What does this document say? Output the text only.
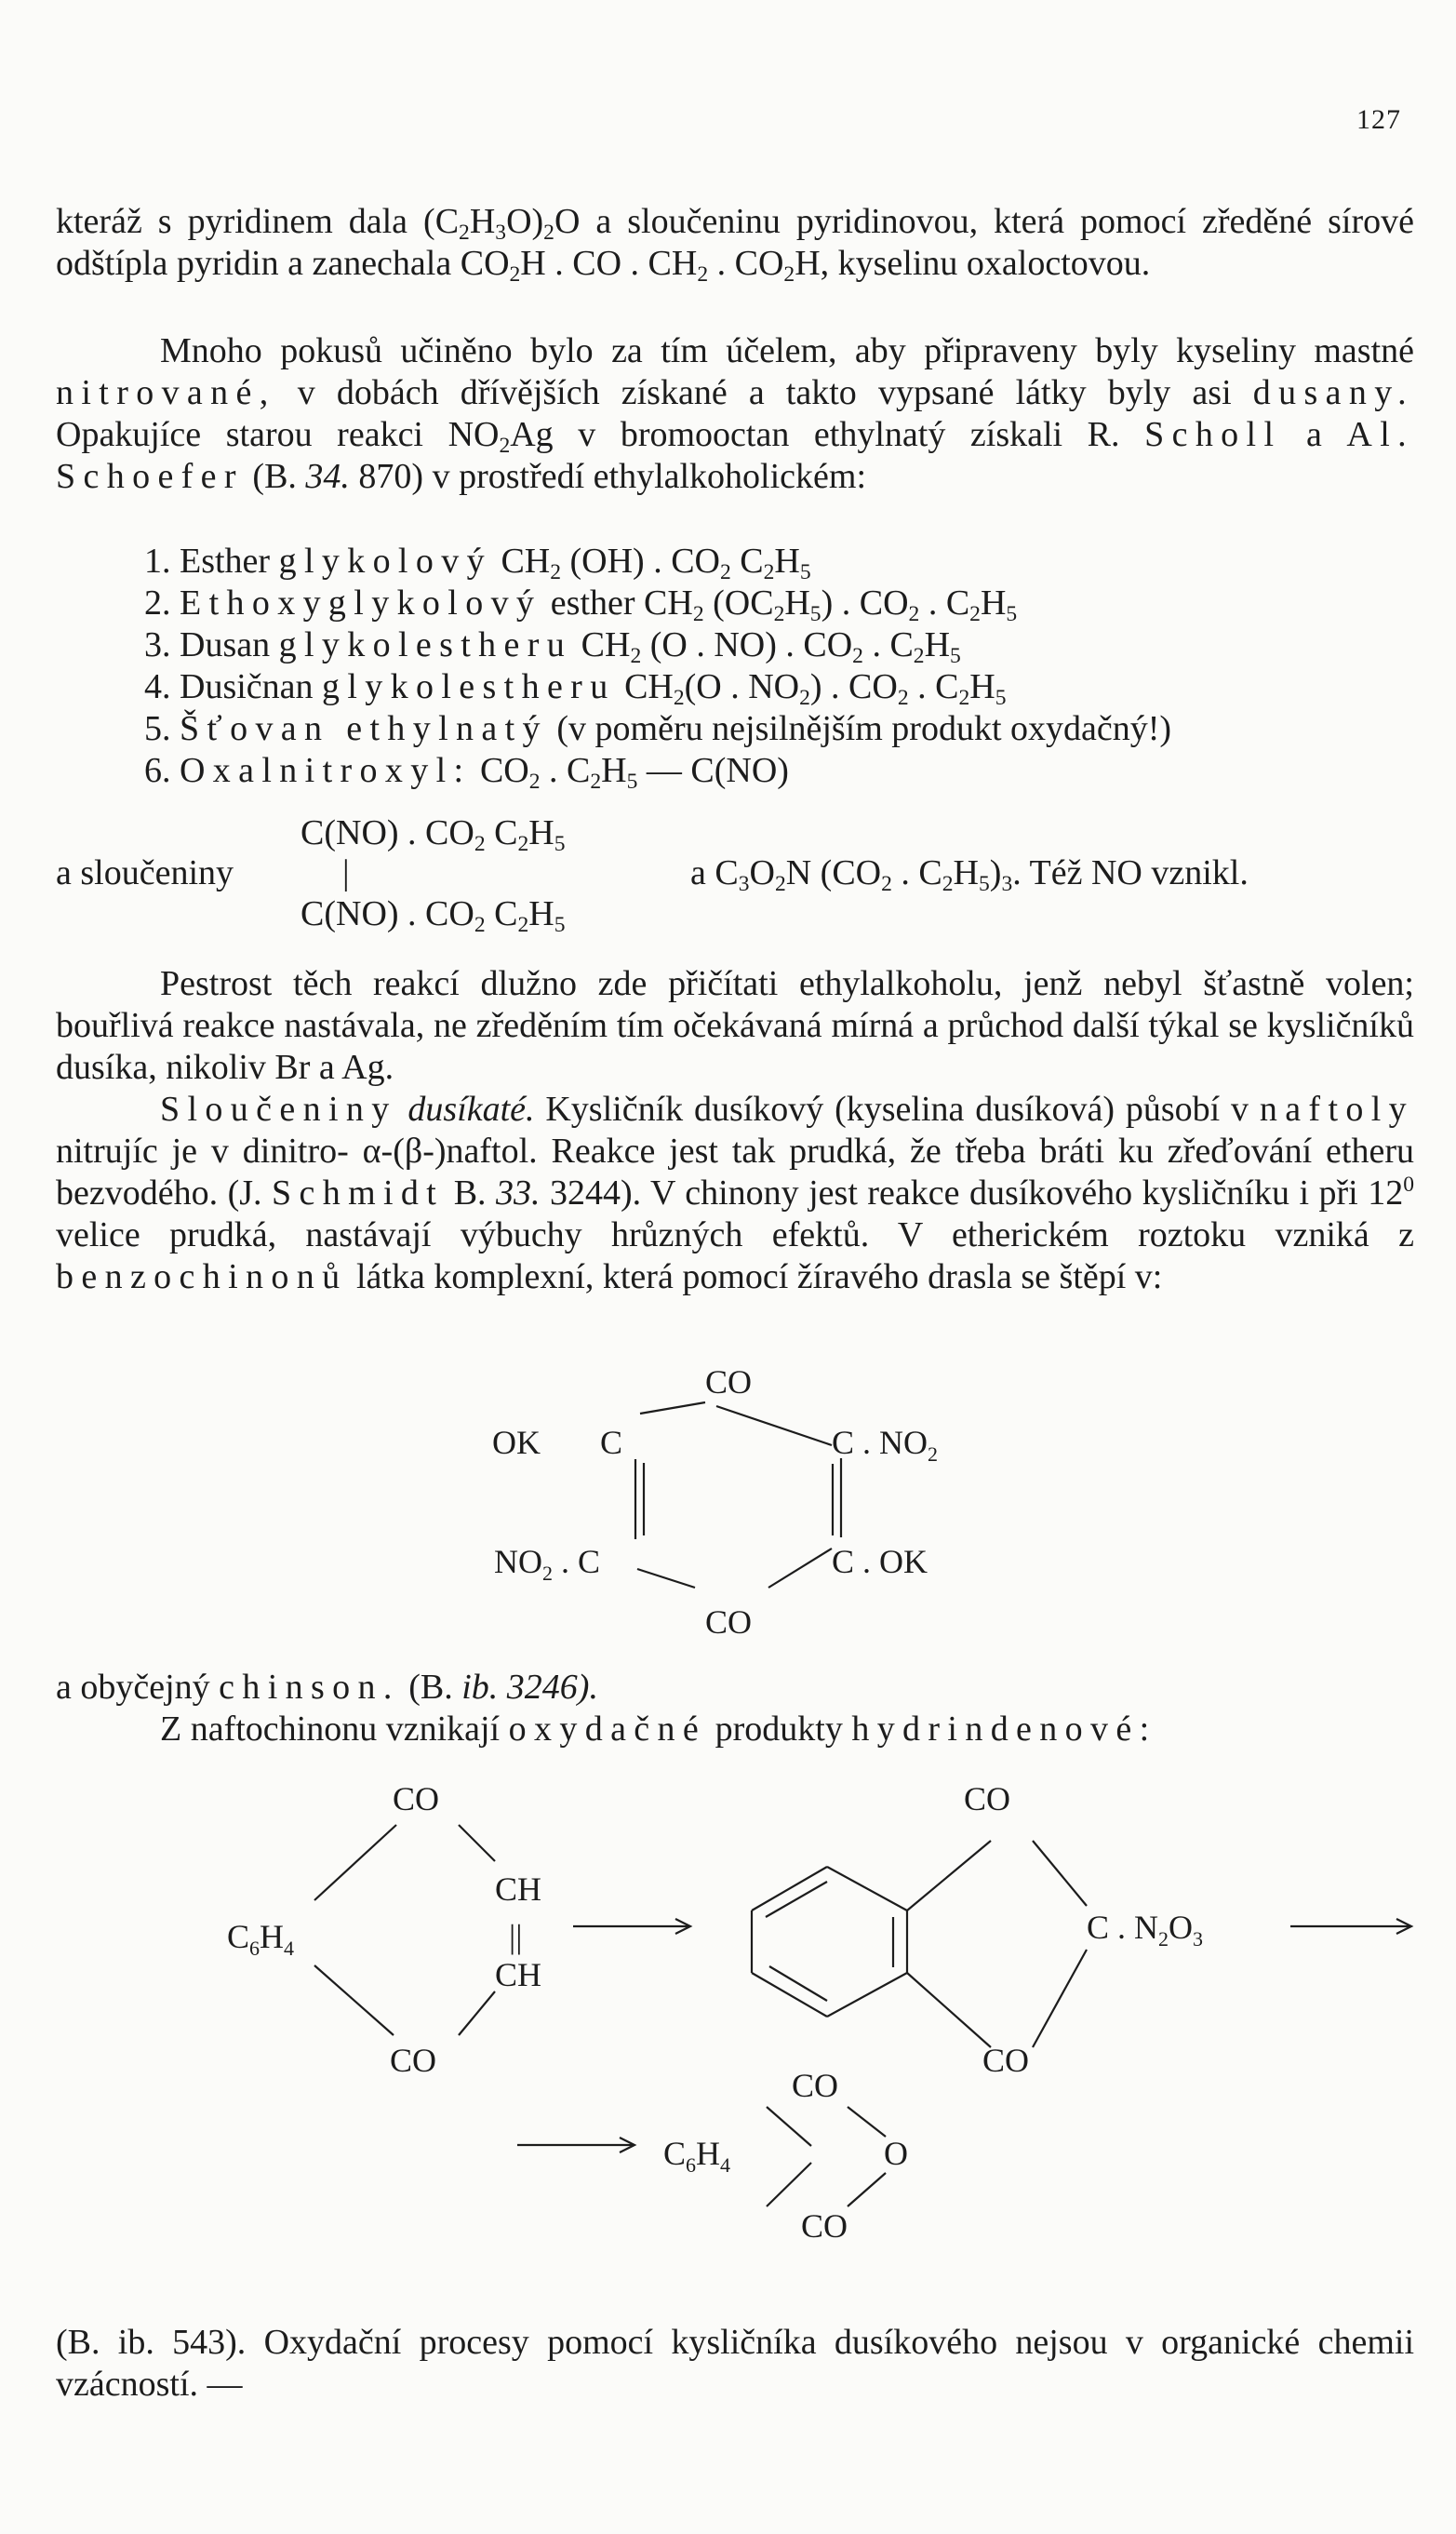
127

kteráž s pyridinem dala $(C_2H_3O)_2O$ a sloučeninu pyridinovou, která pomocí zředěné sírové odštípla pyridin a zanechala $CO_2H$ . CO . $CH_2$ . $CO_2H$, kyselinu oxaloctovou.

Mnoho pokusů učiněno bylo za tím účelem, aby připraveny byly kyseliny mastné nitrované, v dobách dřívějších získané a takto vypsané látky byly asi dusany. Opakujíce starou reakci $NO_2Ag$ v bromooctan ethylnatý získali R. Scholl a Al. Schoefer (B. 34. 870) v prostředí ethylalkoholickém:

1. Esther glykolový $CH_2$ (OH) . $CO_2$ $C_2H_5$
2. Ethoxyglykolový esther $CH_2$ $(OC_2H_5)$ . $CO_2$ . $C_2H_5$
3. Dusan glykolestheru $CH_2$ (O . NO) . $CO_2$ . $C_2H_5$
4. Dusičnan glykolestheru $CH_2(O$ . $NO_2$) . $CO_2$ . $C_2H_5$
5. Šťovan ethylnatý (v poměru nejsilnějším produkt oxydačný!)
6. Oxalnitroxyl: $CO_2$ . $C_2H_5$ — C(NO)
C(NO) . $CO_2$ $C_2H_5$
a sloučeniny	|
C(NO) . $CO_2$ $C_2H_5$
a $C_3O_2N$ ($CO_2$ . $C_2H_5)_3$. Též NO vznikl.

Pestrost těch reakcí dlužno zde přičítati ethylalkoholu, jenž nebyl šťastně volen; bouřlivá reakce nastávala, ne zředěním tím očekávaná mírná a průchod další týkal se kysličníků dusíka, nikoliv Br a Ag.

Sloučeniny dusíkaté. Kysličník dusíkový (kyselina dusíková) působí v naftoly nitrujíc je v dinitro- α-(β-)naftol. Reakce jest tak prudká, že třeba bráti ku zřeďování etheru bezvodého. (J. Schmidt B. 33. 3244). V chinony jest reakce dusíkového kysličníku i při $12^0$ velice prudká, nastávají výbuchy hrůzných efektů. V etherickém roztoku vzniká z benzochinonů látka komplexní, která pomocí žíravého drasla se štěpí v:

CO
OK C	C . $NO_2$
$NO_2$ . C	C . OK
CO

a obyčejný chinson. (B. ib. 3246).

Z naftochinonu vznikají oxydačné produkty hydrindenové:

CO
$C_6H_4$
CH
||
CH
CO
CO
C . $N_2O_3$
CO
CO
$C_6H_4$	O
CO

(B. ib. 543). Oxydační procesy pomocí kysličníka dusíkového nejsou v organické chemii vzácností. —
